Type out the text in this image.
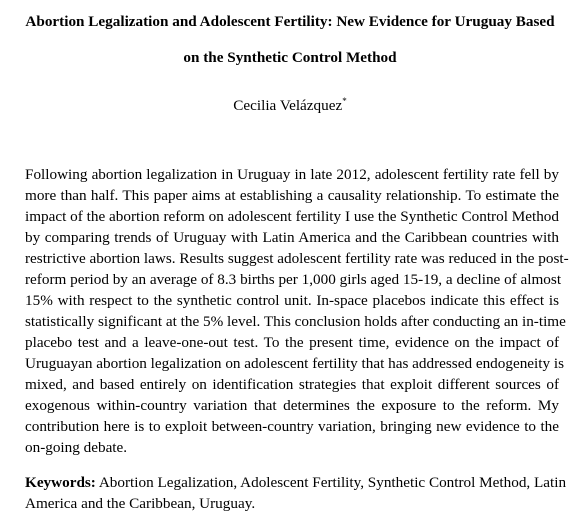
Abortion Legalization and Adolescent Fertility: New Evidence for Uruguay Based
on the Synthetic Control Method
Cecilia Velázquez*
Following abortion legalization in Uruguay in late 2012, adolescent fertility rate fell by
more than half. This paper aims at establishing a causality relationship. To estimate the
impact of the abortion reform on adolescent fertility I use the Synthetic Control Method
by comparing trends of Uruguay with Latin America and the Caribbean countries with
restrictive abortion laws. Results suggest adolescent fertility rate was reduced in the post-
reform period by an average of 8.3 births per 1,000 girls aged 15-19, a decline of almost
15% with respect to the synthetic control unit. In-space placebos indicate this effect is
statistically significant at the 5% level. This conclusion holds after conducting an in-time
placebo test and a leave-one-out test. To the present time, evidence on the impact of
Uruguayan abortion legalization on adolescent fertility that has addressed endogeneity is
mixed, and based entirely on identification strategies that exploit different sources of
exogenous within-country variation that determines the exposure to the reform. My
contribution here is to exploit between-country variation, bringing new evidence to the
on-going debate.
Keywords: Abortion Legalization, Adolescent Fertility, Synthetic Control Method, Latin
America and the Caribbean, Uruguay.
